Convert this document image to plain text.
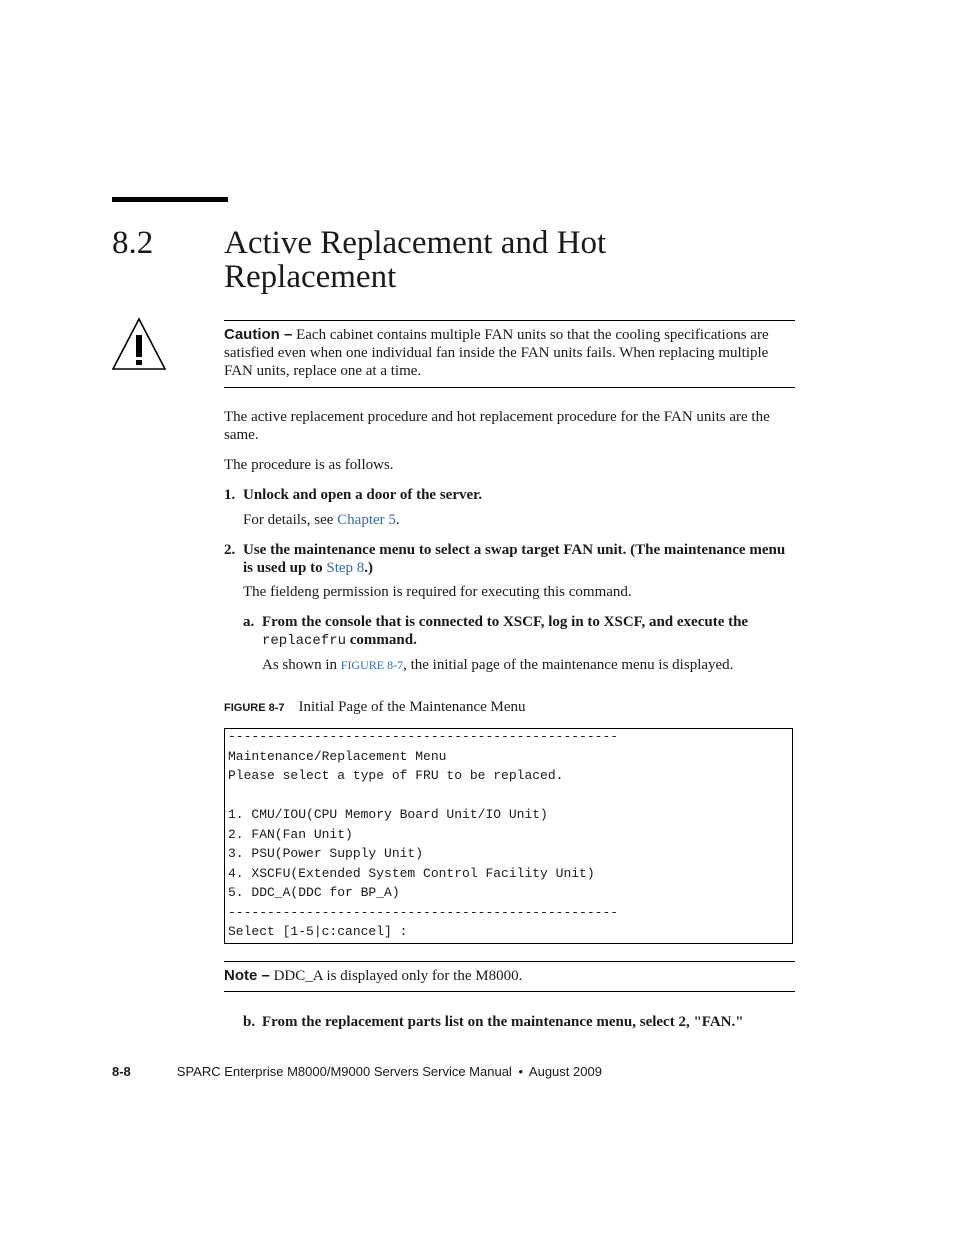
8.2 Active Replacement and Hot Replacement
Caution – Each cabinet contains multiple FAN units so that the cooling specifications are satisfied even when one individual fan inside the FAN units fails. When replacing multiple FAN units, replace one at a time.
The active replacement procedure and hot replacement procedure for the FAN units are the same.
The procedure is as follows.
1. Unlock and open a door of the server.
For details, see Chapter 5.
2. Use the maintenance menu to select a swap target FAN unit. (The maintenance menu is used up to Step 8.)
The fieldeng permission is required for executing this command.
a. From the console that is connected to XSCF, log in to XSCF, and execute the replacefru command.
As shown in FIGURE 8-7, the initial page of the maintenance menu is displayed.
FIGURE 8-7 Initial Page of the Maintenance Menu
--------------------------------------------------
Maintenance/Replacement Menu
Please select a type of FRU to be replaced.
1. CMU/IOU(CPU Memory Board Unit/IO Unit)
2. FAN(Fan Unit)
3. PSU(Power Supply Unit)
4. XSCFU(Extended System Control Facility Unit)
5. DDC_A(DDC for BP_A)
--------------------------------------------------
Select [1-5|c:cancel] :
Note – DDC_A is displayed only for the M8000.
b. From the replacement parts list on the maintenance menu, select 2, "FAN."
8-8	SPARC Enterprise M8000/M9000 Servers Service Manual • August 2009
